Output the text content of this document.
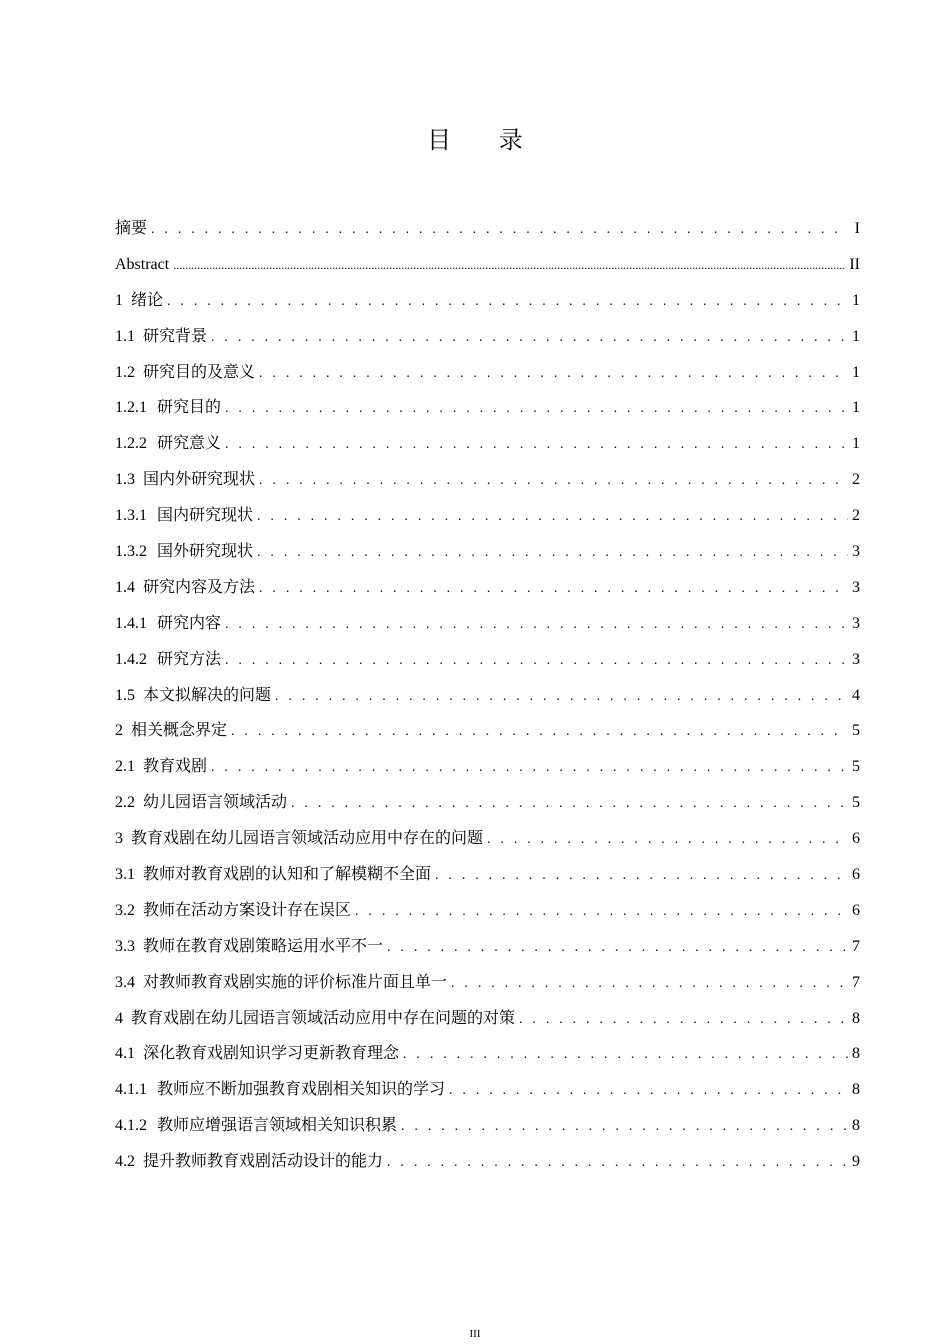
目 录
摘要 . . .	I
Abstract .....	II
1 绪论 . . .	1
1.1 研究背景 . . .	1
1.2 研究目的及意义 . . .	1
1.2.1 研究目的 . . .	1
1.2.2 研究意义 . . .	1
1.3 国内外研究现状 . . .	2
1.3.1 国内研究现状 . . .	2
1.3.2 国外研究现状 . . .	3
1.4 研究内容及方法 . . .	3
1.4.1 研究内容 . . .	3
1.4.2 研究方法 . . .	3
1.5 本文拟解决的问题 . . .	4
2 相关概念界定 . . .	5
2.1 教育戏剧 . . .	5
2.2 幼儿园语言领域活动 . . .	5
3 教育戏剧在幼儿园语言领域活动应用中存在的问题 . . .	6
3.1 教师对教育戏剧的认知和了解模糊不全面 . . .	6
3.2 教师在活动方案设计存在误区 . . .	6
3.3 教师在教育戏剧策略运用水平不一 . . .	7
3.4 对教师教育戏剧实施的评价标准片面且单一 . . .	7
4 教育戏剧在幼儿园语言领域活动应用中存在问题的对策 . . .	8
4.1 深化教育戏剧知识学习更新教育理念 . . .	8
4.1.1 教师应不断加强教育戏剧相关知识的学习 . . .	8
4.1.2 教师应增强语言领域相关知识积累 . . .	8
4.2 提升教师教育戏剧活动设计的能力 . . .	9
III
